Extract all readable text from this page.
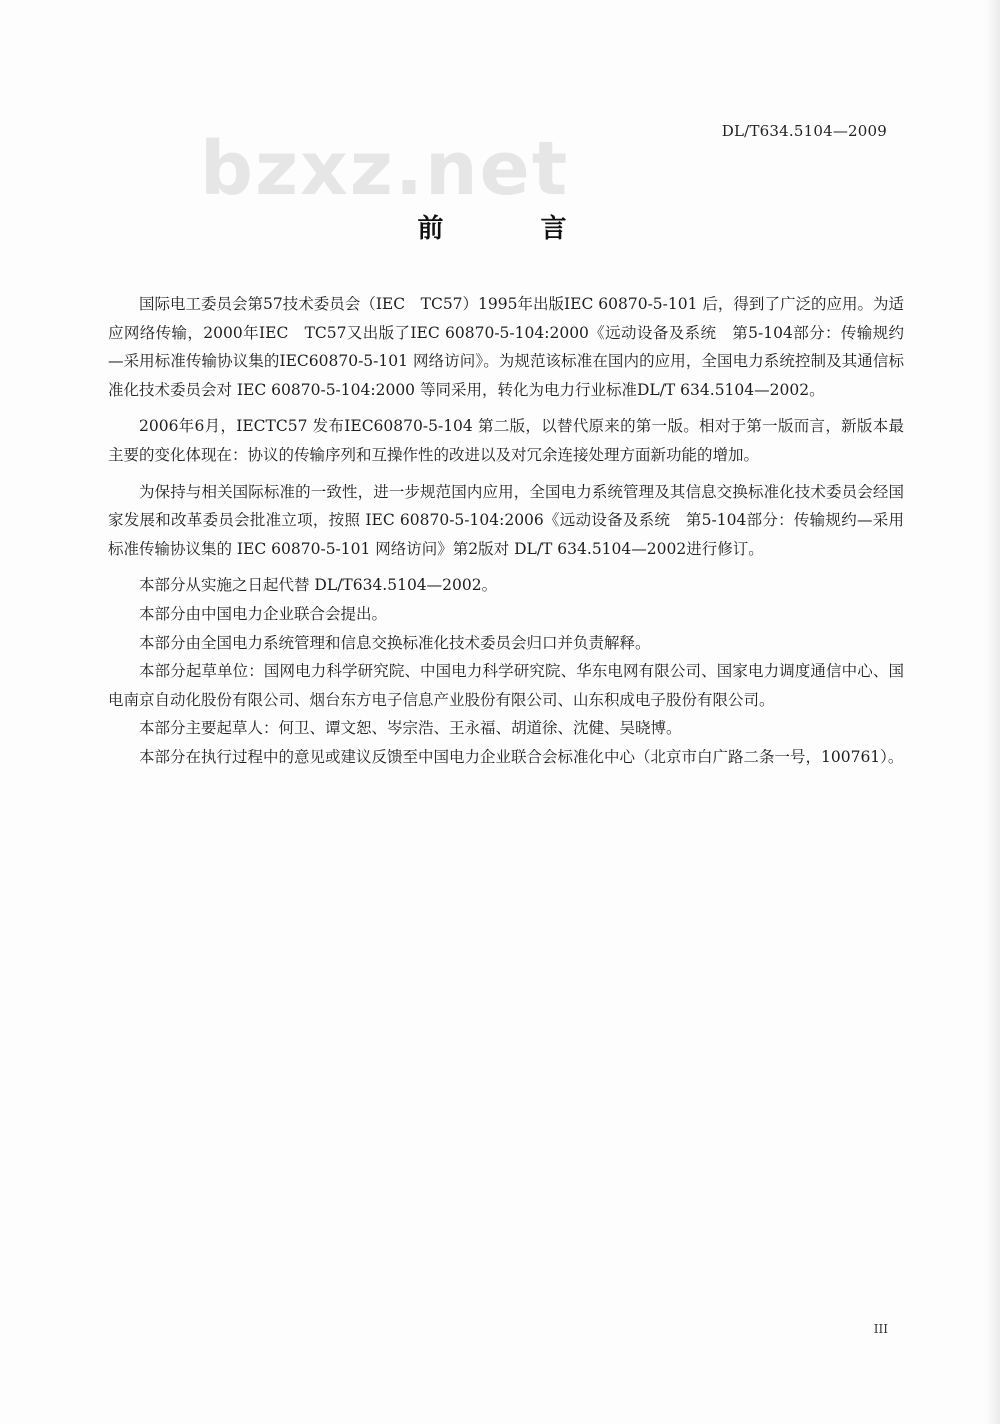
DL/T634.5104—2009
bzxz.net
前 言

国际电工委员会第57技术委员会（IEC　TC57）1995年出版IEC 60870-5-101 后，得到了广泛的应用。为适应网络传输，2000年IEC　TC57又出版了IEC 60870-5-104:2000《远动设备及系统　第5-104部分：传输规约—采用标准传输协议集的IEC60870-5-101 网络访问》。为规范该标准在国内的应用，全国电力系统控制及其通信标准化技术委员会对 IEC 60870-5-104:2000 等同采用，转化为电力行业标准DL/T 634.5104—2002。

2006年6月，IECTC57 发布IEC60870-5-104 第二版，以替代原来的第一版。相对于第一版而言，新版本最主要的变化体现在：协议的传输序列和互操作性的改进以及对冗余连接处理方面新功能的增加。

为保持与相关国际标准的一致性，进一步规范国内应用，全国电力系统管理及其信息交换标准化技术委员会经国家发展和改革委员会批准立项，按照 IEC 60870-5-104:2006《远动设备及系统　第5-104部分：传输规约—采用标准传输协议集的 IEC 60870-5-101 网络访问》第2版对 DL/T 634.5104—2002进行修订。

本部分从实施之日起代替 DL/T634.5104—2002。

本部分由中国电力企业联合会提出。

本部分由全国电力系统管理和信息交换标准化技术委员会归口并负责解释。

本部分起草单位：国网电力科学研究院、中国电力科学研究院、华东电网有限公司、国家电力调度通信中心、国电南京自动化股份有限公司、烟台东方电子信息产业股份有限公司、山东积成电子股份有限公司。

本部分主要起草人：何卫、谭文恕、岑宗浩、王永福、胡道徐、沈健、吴晓博。

本部分在执行过程中的意见或建议反馈至中国电力企业联合会标准化中心（北京市白广路二条一号，100761）。

III
